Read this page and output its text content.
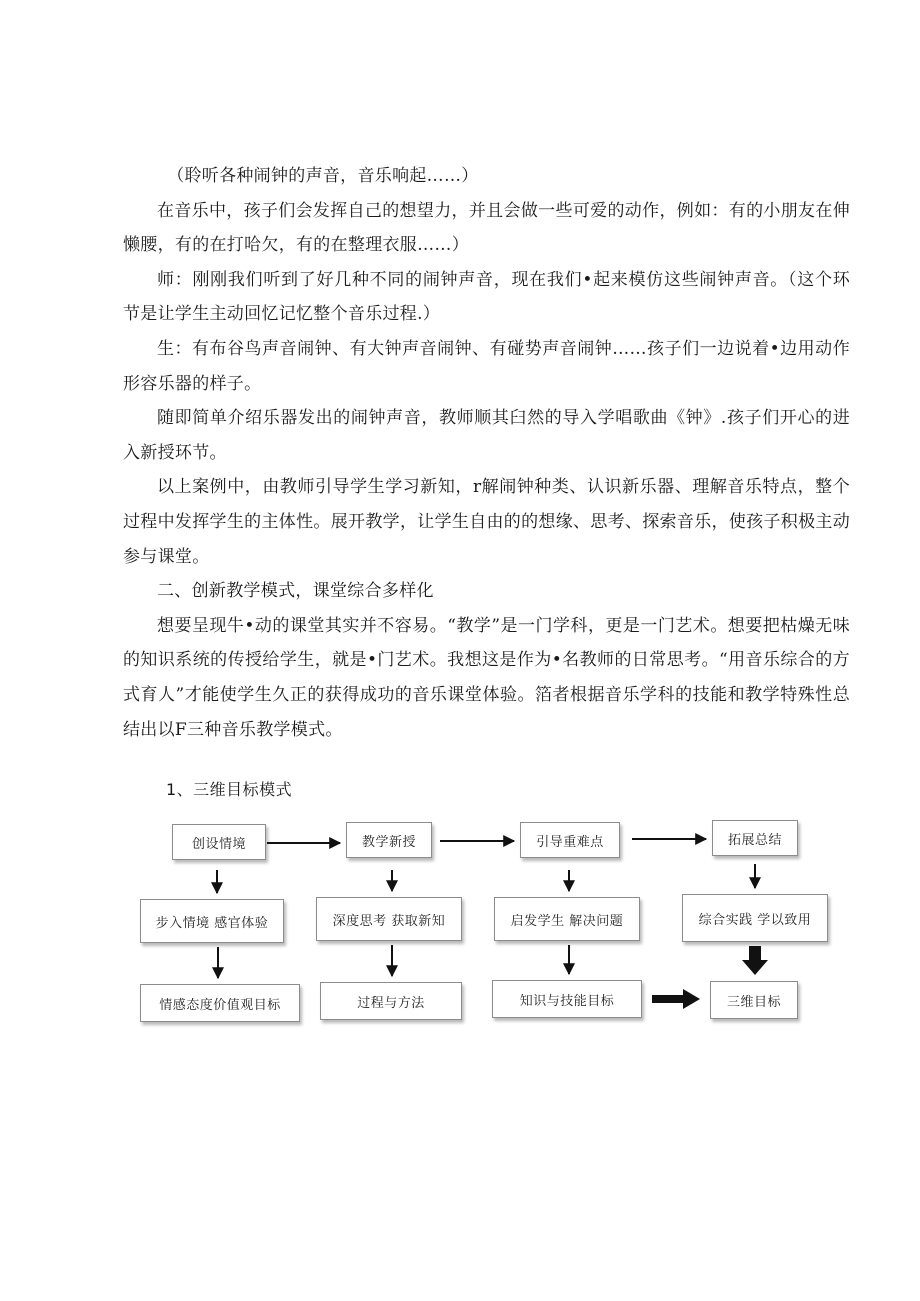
（聆听各种闹钟的声音，音乐响起……）

在音乐中，孩子们会发挥自己的想望力，并且会做一些可爱的动作，例如：有的小朋友在伸懒腰，有的在打哈欠，有的在整理衣服……）

师：刚刚我们听到了好几种不同的闹钟声音，现在我们•起来模仿这些闹钟声音。（这个环节是让学生主动回忆记忆整个音乐过程.）

生：有布谷鸟声音闹钟、有大钟声音闹钟、有碰势声音闹钟……孩子们一边说着•边用动作形容乐器的样子。

随即简单介绍乐器发出的闹钟声音，教师顺其臼然的导入学唱歌曲《钟》.孩子们开心的进入新授环节。

以上案例中，由教师引导学生学习新知，r解闹钟种类、认识新乐器、理解音乐特点，整个过程中发挥学生的主体性。展开教学，让学生自由的的想缘、思考、探索音乐，使孩子积极主动参与课堂。

二、创新教学模式，课堂综合多样化

想要呈现牛•动的课堂其实并不容易。“教学”是一门学科，更是一门艺术。想要把枯燥无味的知识系统的传授给学生，就是•门艺术。我想这是作为•名教师的日常思考。“用音乐综合的方式育人”才能使学生久正的获得成功的音乐课堂体验。箔者根据音乐学科的技能和教学特殊性总结出以F三种音乐教学模式。

1、三维目标模式
创设情境	教学新授	引导重难点	拓展总结
步入情境 感官体验	深度思考 获取新知	启发学生 解决问题	综合实践 学以致用
情感态度价值观目标	过程与方法	知识与技能目标	三维目标
